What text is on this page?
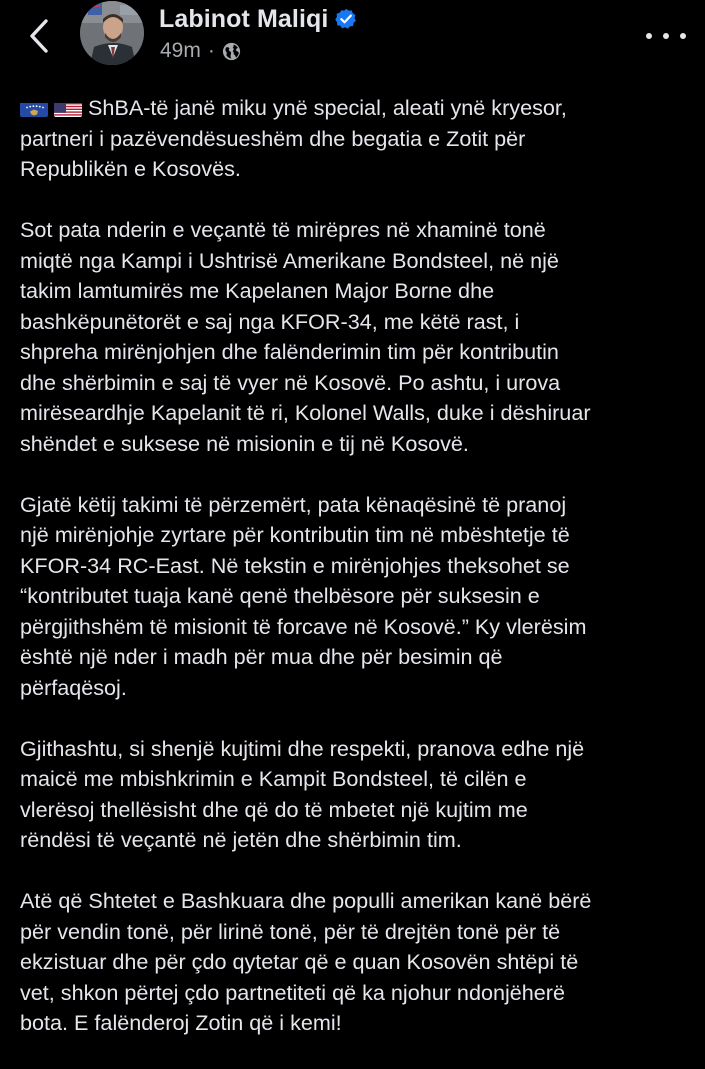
Labinot Maliqi
49m ·

ShBA-të janë miku ynë special, aleati ynë kryesor,
partneri i pazëvendësueshëm dhe begatia e Zotit për
Republikën e Kosovës.

Sot pata nderin e veçantë të mirëpres në xhaminë tonë
miqtë nga Kampi i Ushtrisë Amerikane Bondsteel, në një
takim lamtumirës me Kapelanen Major Borne dhe
bashkëpunëtorët e saj nga KFOR-34, me këtë rast, i
shpreha mirënjohjen dhe falënderimin tim për kontributin
dhe shërbimin e saj të vyer në Kosovë. Po ashtu, i urova
mirëseardhje Kapelanit të ri, Kolonel Walls, duke i dëshiruar
shëndet e suksese në misionin e tij në Kosovë.

Gjatë këtij takimi të përzemërt, pata kënaqësinë të pranoj
një mirënjohje zyrtare për kontributin tim në mbështetje të
KFOR-34 RC-East. Në tekstin e mirënjohjes theksohet se
“kontributet tuaja kanë qenë thelbësore për suksesin e
përgjithshëm të misionit të forcave në Kosovë.” Ky vlerësim
është një nder i madh për mua dhe për besimin që
përfaqësoj.

Gjithashtu, si shenjë kujtimi dhe respekti, pranova edhe një
maicë me mbishkrimin e Kampit Bondsteel, të cilën e
vlerësoj thellësisht dhe që do të mbetet një kujtim me
rëndësi të veçantë në jetën dhe shërbimin tim.

Atë që Shtetet e Bashkuara dhe populli amerikan kanë bërë
për vendin tonë, për lirinë tonë, për të drejtën tonë për të
ekzistuar dhe për çdo qytetar që e quan Kosovën shtëpi të
vet, shkon përtej çdo partnetiteti që ka njohur ndonjëherë
bota. E falënderoj Zotin që i kemi!
